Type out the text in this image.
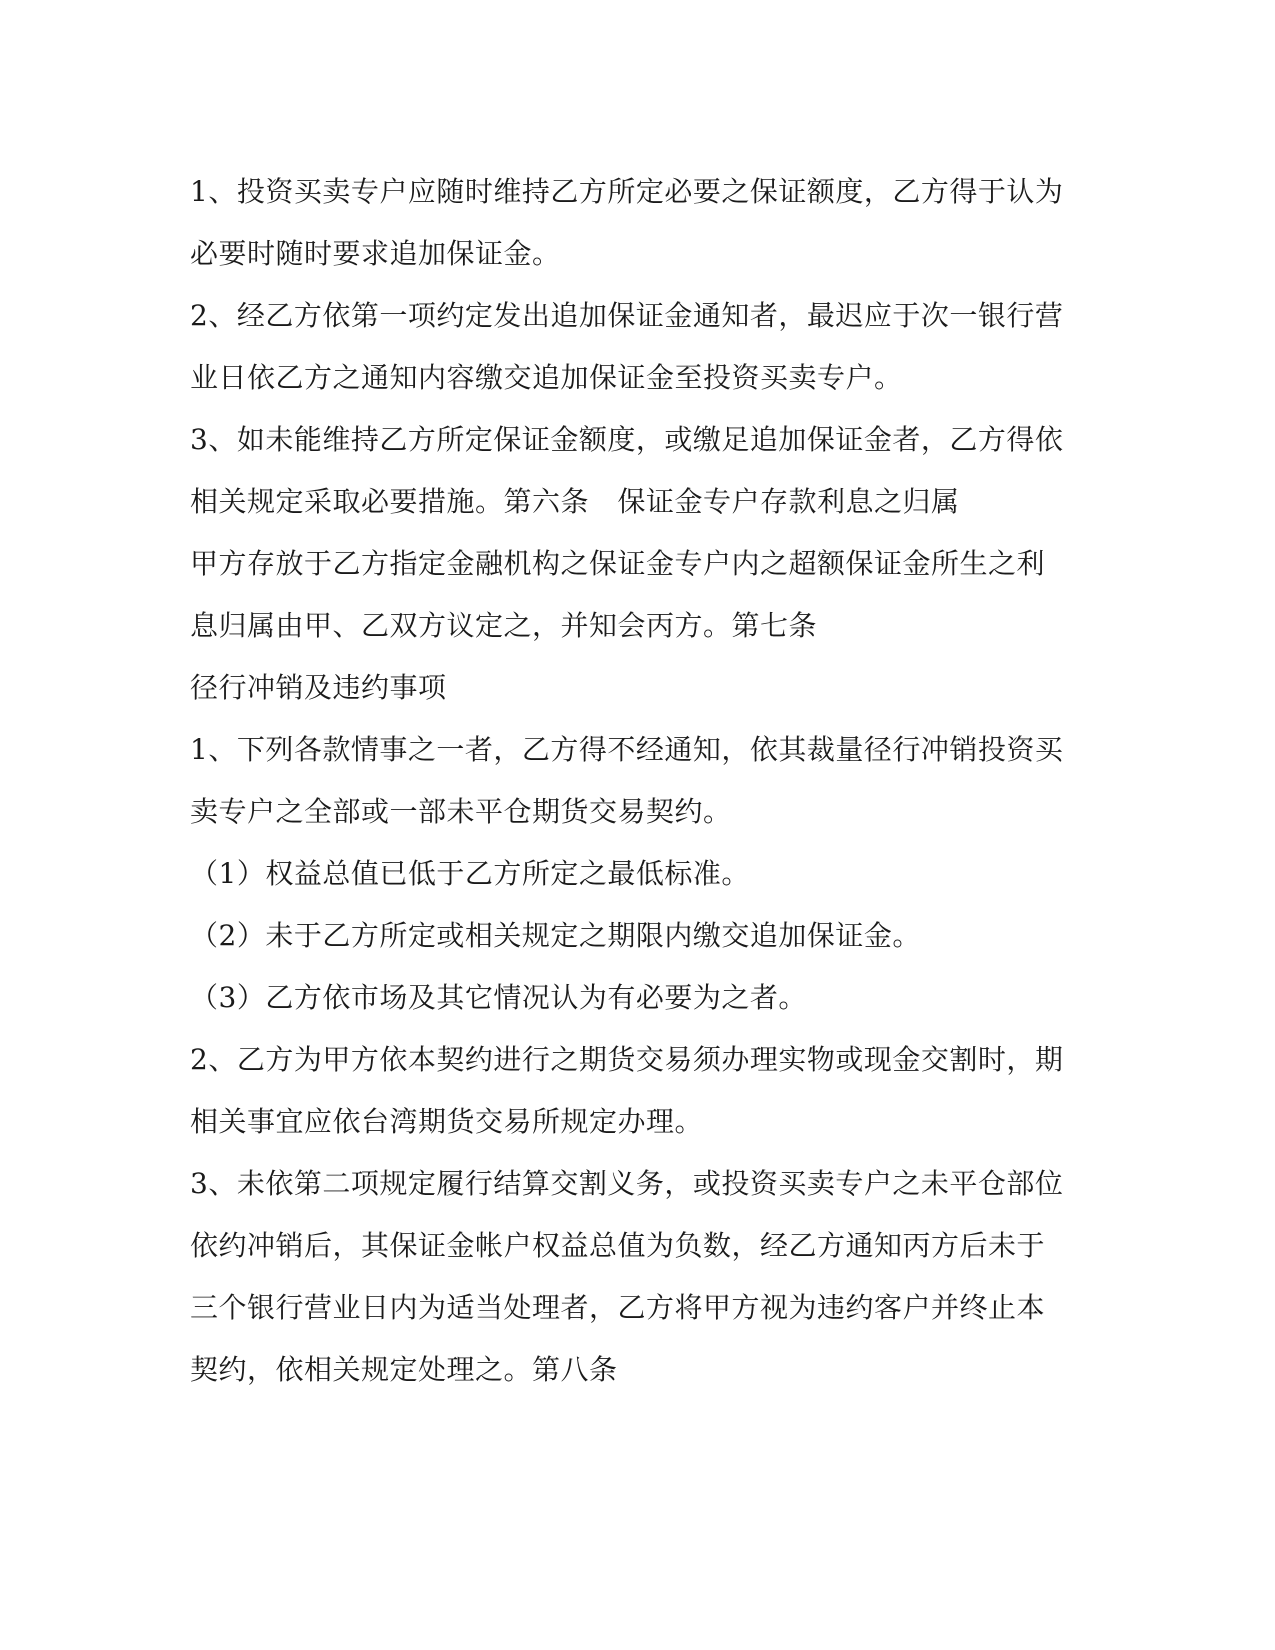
1、投资买卖专户应随时维持乙方所定必要之保证额度，乙方得于认为
必要时随时要求追加保证金。
2、经乙方依第一项约定发出追加保证金通知者，最迟应于次一银行营
业日依乙方之通知内容缴交追加保证金至投资买卖专户。
3、如未能维持乙方所定保证金额度，或缴足追加保证金者，乙方得依
相关规定采取必要措施。第六条　保证金专户存款利息之归属
甲方存放于乙方指定金融机构之保证金专户内之超额保证金所生之利
息归属由甲、乙双方议定之，并知会丙方。第七条
径行冲销及违约事项
1、下列各款情事之一者，乙方得不经通知，依其裁量径行冲销投资买
卖专户之全部或一部未平仓期货交易契约。
（1）权益总值已低于乙方所定之最低标准。
（2）未于乙方所定或相关规定之期限内缴交追加保证金。
（3）乙方依市场及其它情况认为有必要为之者。
2、乙方为甲方依本契约进行之期货交易须办理实物或现金交割时，期
相关事宜应依台湾期货交易所规定办理。
3、未依第二项规定履行结算交割义务，或投资买卖专户之未平仓部位
依约冲销后，其保证金帐户权益总值为负数，经乙方通知丙方后未于
三个银行营业日内为适当处理者，乙方将甲方视为违约客户并终止本
契约，依相关规定处理之。第八条
